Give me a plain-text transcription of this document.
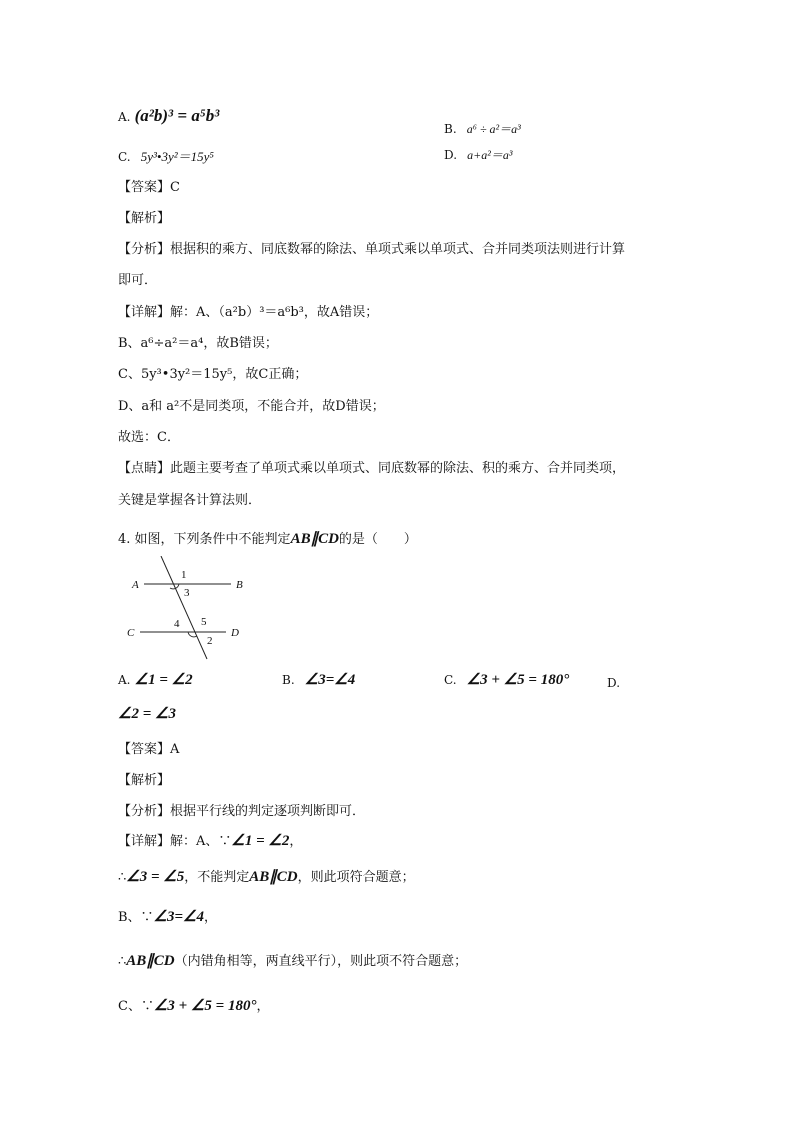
A. (a²b)³ = a⁵b³
B. a⁶ ÷ a²＝a³
C. 5y³•3y²＝15y⁵	D. a+a²＝a³
【答案】C
【解析】
【分析】根据积的乘方、同底数幂的除法、单项式乘以单项式、合并同类项法则进行计算
即可．
【详解】解：A、（a²b）³＝a⁶b³，故A错误；
B、a⁶÷a²＝a⁴，故B错误；
C、5y³•3y²＝15y⁵，故C正确；
D、a和 a²不是同类项，不能合并，故D错误；
故选：C．
【点睛】此题主要考查了单项式乘以单项式、同底数幂的除法、积的乘方、合并同类项，
关键是掌握各计算法则．
4. 如图，下列条件中不能判定AB∥CD的是（　　）
A	B
C	D
1
3
4 5
2
A. ∠1 = ∠2	B. ∠3=∠4	C. ∠3 + ∠5 = 180°	D.
∠2 = ∠3
【答案】A
【解析】
【分析】根据平行线的判定逐项判断即可．
【详解】解：A、∵∠1 = ∠2，
∴∠3 = ∠5，不能判定AB∥CD，则此项符合题意；
B、∵∠3=∠4，
∴AB∥CD（内错角相等，两直线平行），则此项不符合题意；
C、∵∠3 + ∠5 = 180°，
